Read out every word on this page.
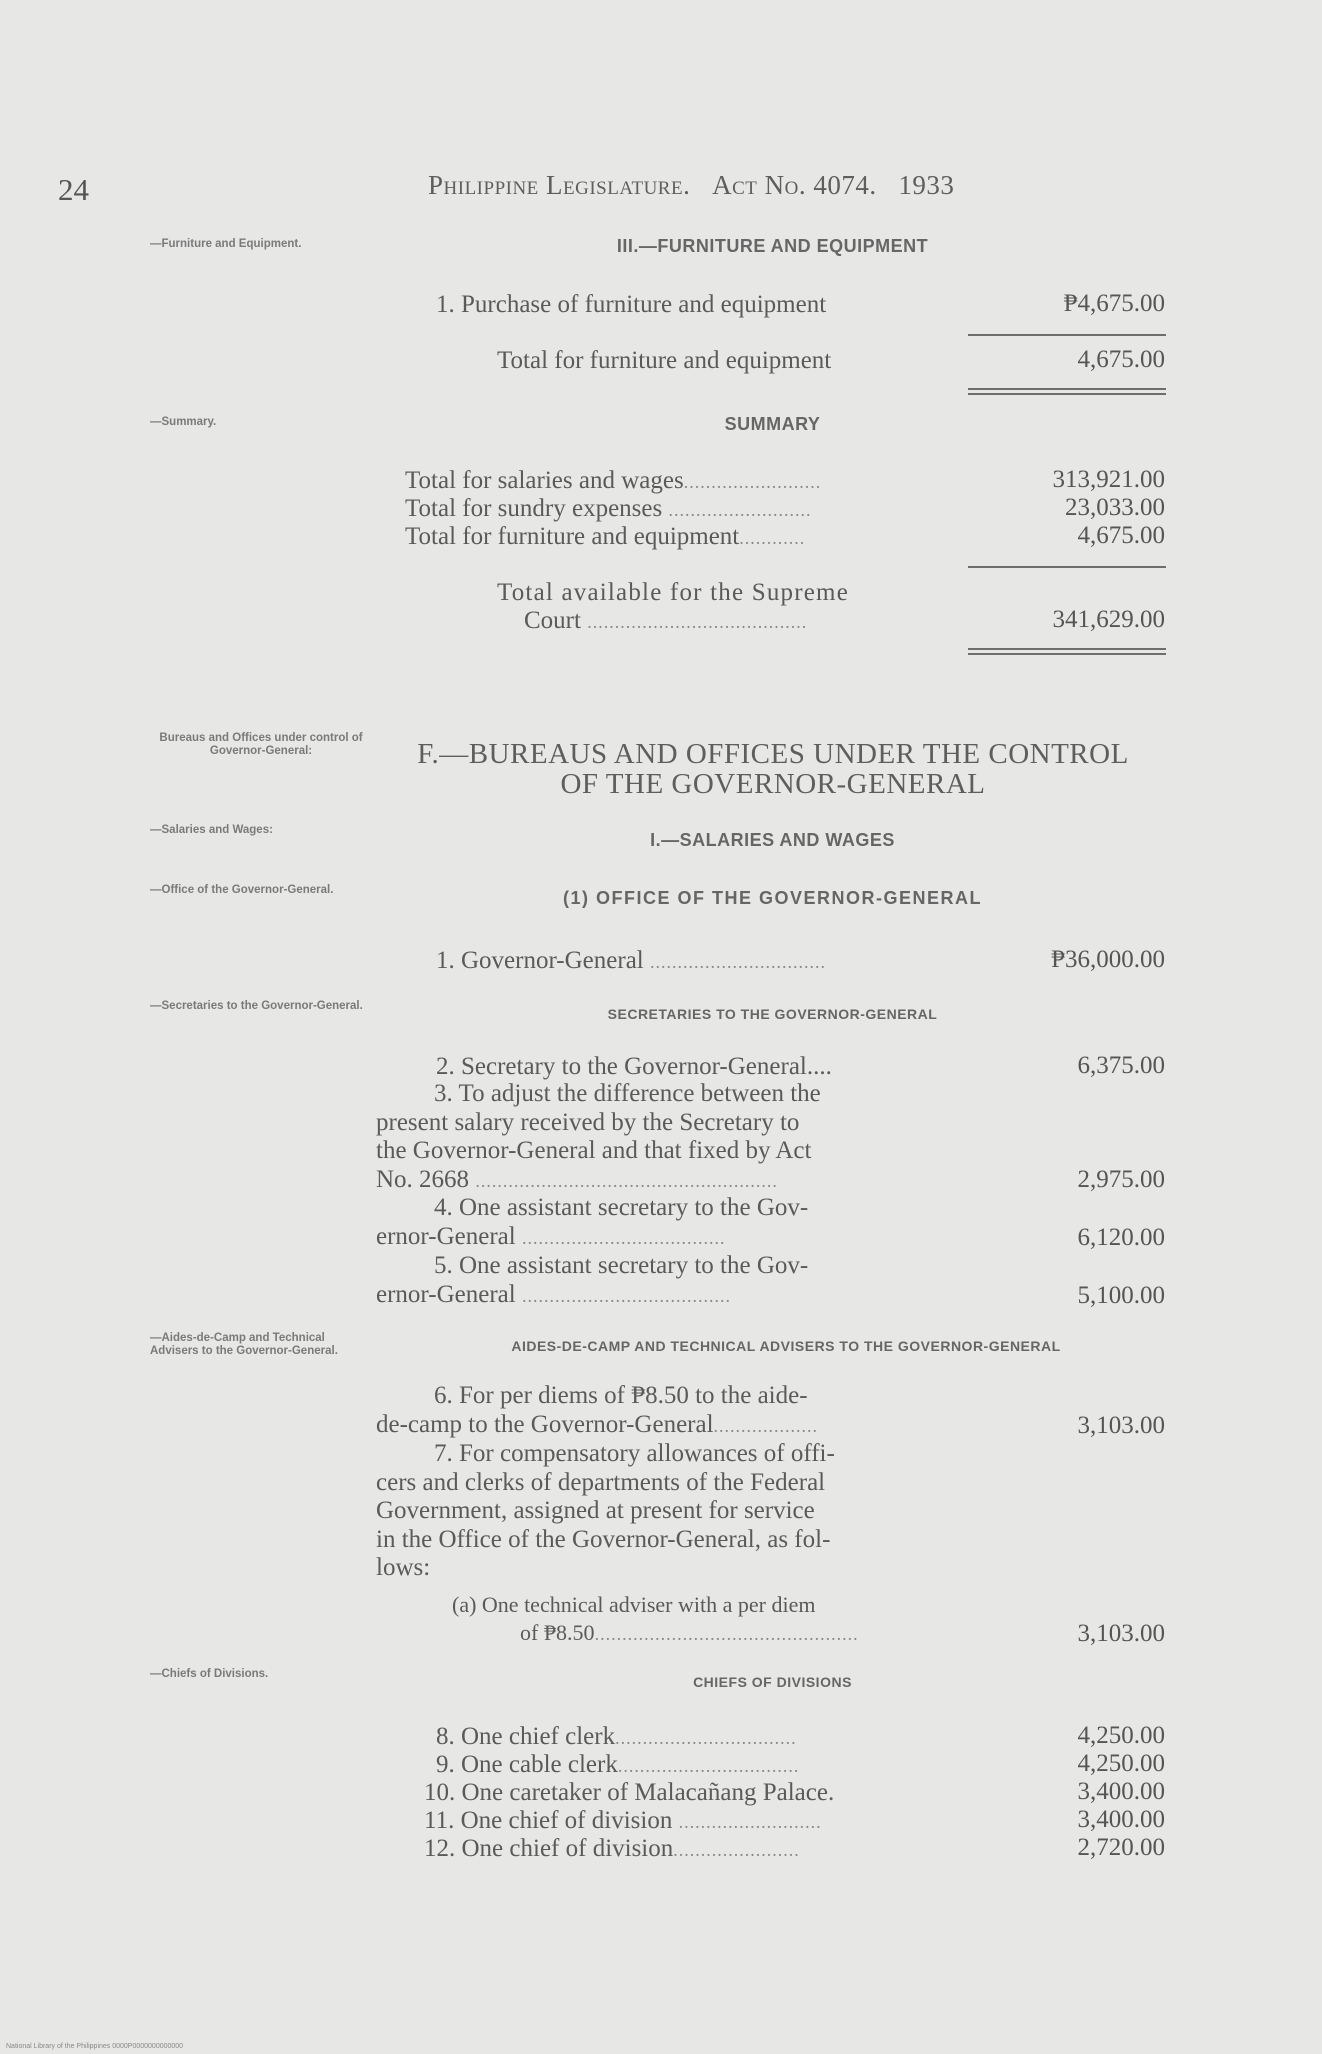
24	Philippine Legislature. Act No. 4074. 1933
—Furniture and Equipment.	III.—FURNITURE AND EQUIPMENT
1. Purchase of furniture and equipment	₱4,675.00
Total for furniture and equipment	4,675.00
—Summary.	SUMMARY
Total for salaries and wages.........................	313,921.00
Total for sundry expenses ..........................	23,033.00
Total for furniture and equipment............	4,675.00
Total available for the Supreme
Court ........................................	341,629.00
Bureaus and Offices under control of Governor-General:	F.—BUREAUS AND OFFICES UNDER THE CONTROL
OF THE GOVERNOR-GENERAL
—Salaries and Wages:	I.—SALARIES AND WAGES
—Office of the Governor-General.	(1) OFFICE OF THE GOVERNOR-GENERAL
1. Governor-General ................................	₱36,000.00
—Secretaries to the Governor-General.	SECRETARIES TO THE GOVERNOR-GENERAL
2. Secretary to the Governor-General....	6,375.00
3. To adjust the difference between the
present salary received by the Secretary to
the Governor-General and that fixed by Act
No. 2668 .......................................................	2,975.00
4. One assistant secretary to the Gov-
ernor-General .....................................	6,120.00
5. One assistant secretary to the Gov-
ernor-General ......................................	5,100.00
—Aides-de-Camp and Technical Advisers to the Governor-General.	AIDES-DE-CAMP AND TECHNICAL ADVISERS TO THE GOVERNOR-GENERAL
6. For per diems of ₱8.50 to the aide-
de-camp to the Governor-General...................	3,103.00
7. For compensatory allowances of offi-
cers and clerks of departments of the Federal
Government, assigned at present for service
in the Office of the Governor-General, as fol-
lows:
(a) One technical adviser with a per diem
of ₱8.50................................................	3,103.00
—Chiefs of Divisions.	CHIEFS OF DIVISIONS
8. One chief clerk.................................	4,250.00
9. One cable clerk.................................	4,250.00
10. One caretaker of Malacañang Palace.	3,400.00
11. One chief of division ..........................	3,400.00
12. One chief of division.......................	2,720.00
National Library of the Philippines 0000P0000000000000
